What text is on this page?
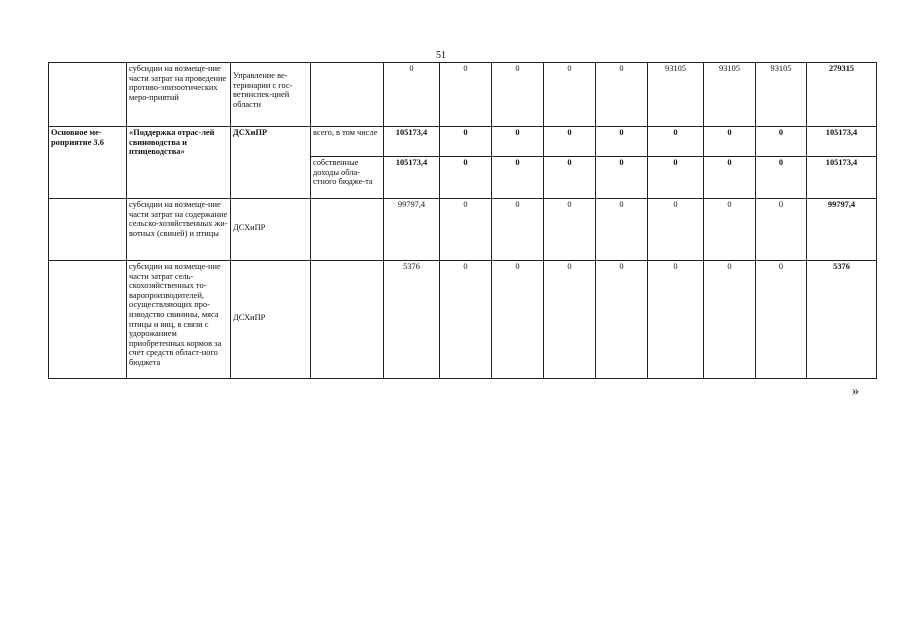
51
	субсидии на возмеще-ние части затрат на проведение противо-эпизоотических меро-приятий	Управление ве-теринарии с гос-ветинспек-цией области		0	0	0	0	0	93105	93105	93105	279315
Основное ме-роприятие 3.6	«Поддержка отрас-лей свиноводства и птицеводства»	ДСХиПР	всего, в том числе	105173,4	0	0	0	0	0	0	0	105173,4
			собственные доходы обла-стного бюдже-та	105173,4	0	0	0	0	0	0	0	105173,4
	субсидии на возмеще-ние части затрат на содержание сельско-хозяйственных жи-вотных (свиней) и птицы	ДСХиПР		99797,4	0	0	0	0	0	0	0	99797,4
	субсидии на возмеще-ние части затрат сель-скохозяйственных то-варопроизводителей, осуществляющих про-изводство свинины, мяса птицы и яиц, в связи с удорожанием приобретенных кормов за счет средств област-ного бюджета	ДСХиПР		5376	0	0	0	0	0	0	0	5376
»
